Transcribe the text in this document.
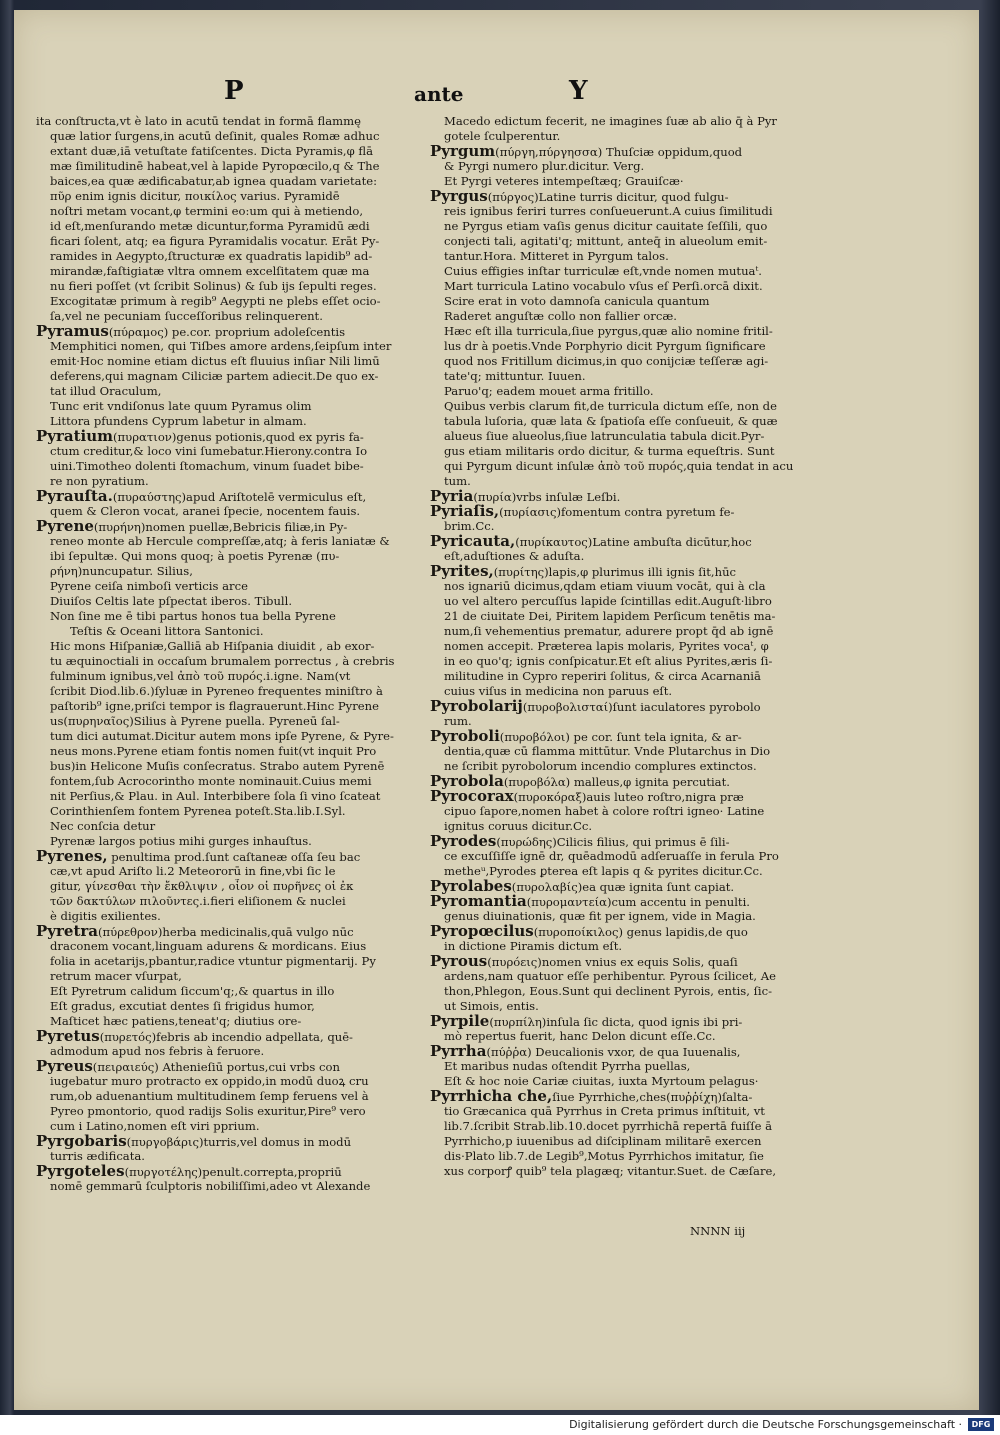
P	ante	Y
ita conſtructa,vt è lato in acutū tendat in formā flammę
quæ latior ſurgens,in acutū deſinit, quales Romæ adhuc
extant duæ,iā vetuſtate fatiſcentes. Dicta Pyramis,φ flā
mæ ſimilitudinē habeat,vel à lapide Pyropœcilo,q & The
baices,ea quæ ædificabatur,ab ignea quadam varietate:
πῦρ enim ignis dicitur, ποικίλος varius. Pyramidē
noſtri metam vocant,φ termini eo:um qui à metiendo,
id eſt,menſurando metæ dicuntur,forma Pyramidū ædi
ficari ſolent, atq; ea figura Pyramidalis vocatur. Erāt Py-
ramides in Aegypto,ſtructuræ ex quadratis lapidib⁹ ad-
mirandæ,faſtigiatæ vltra omnem excelſitatem quæ ma
nu fieri poſſet (vt ſcribit Solinus) & ſub ijs ſepulti reges.
Excogitatæ primum à regib⁹ Aegypti ne plebs eſſet ocio-
ſa,vel ne pecuniam ſucceſſoribus relinquerent.
Pyramus(πύραμος) pe.cor. proprium adoleſcentis
Memphitici nomen, qui Tiſbes amore ardens,ſeipſum inter
emit·Hoc nomine etiam dictus eſt fluuius inſiar Nili limū
deferens,qui magnam Ciliciæ partem adiecit.De quo ex-
tat illud Oraculum,
Tunc erit vndiſonus late quum Pyramus olim
Littora pfundens Cyprum labetur in almam.
Pyratium(πυρατιον)genus potionis,quod ex pyris fa-
ctum creditur,& loco vini ſumebatur.Hierony.contra Io
uini.Timotheo dolenti ſtomachum, vinum ſuadet bibe-
re non pyratium.
Pyrauſta.(πυραύστης)apud Ariſtotelē vermiculus eſt,
quem & Cleron vocat, aranei ſpecie, nocentem fauis.
Pyrene(πυρήνη)nomen puellæ,Bebricis filiæ,in Py-
reneo monte ab Hercule compreſſæ,atq; à feris laniatæ &
ibi ſepultæ. Qui mons quoq; à poetis Pyrenæ (πυ-
ρήνη)nuncupatur. Silius,
Pyrene ceiſa nimboſi verticis arce
Diuiſos Celtis late pſpectat iberos. Tibull.
Non ſine me ē tibi partus honos tua bella Pyrene
Teſtis & Oceani littora Santonici.
Hic mons Hiſpaniæ,Galliā ab Hiſpania diuidit , ab exor-
tu æquinoctiali in occaſum brumalem porrectus , à crebris
fulminum ignibus,vel ἀπὸ τοῦ πυρός.i.igne. Nam(vt
ſcribit Diod.lib.6.)ſyluæ in Pyreneo frequentes miniſtro à
paſtorib⁹ igne,priſci tempor is flagrauerunt.Hinc Pyrene
us(πυρηναῖος)Silius à Pyrene puella. Pyreneū ſal-
tum dici autumat.Dicitur autem mons ipſe Pyrene, & Pyre-
neus mons.Pyrene etiam fontis nomen fuit(vt inquit Pro
bus)in Helicone Muſis conſecratus. Strabo autem Pyrenē
fontem,ſub Acrocorintho monte nominauit.Cuius memi
nit Perſius,& Plau. in Aul. Interbibere ſola ſi vino ſcateat
Corinthienſem fontem Pyrenea poteſt.Sta.lib.I.Syl.
Nec conſcia detur
Pyrenæ largos potius mihi gurges inhauſtus.
Pyrenes, penultima prod.ſunt caſtaneæ oſſa ſeu bac
cæ,vt apud Ariſto li.2 Meteororū in fine,vbi ſic le
gitur, γίνεσθαι τὴν ἔκθλιψιν , οἷον οἱ πυρῆνες οἱ ἐκ
τῶν δακτύλων πιλοῦντες.i.fieri eliſionem & nuclei
è digitis exilientes.
Pyretra(πύρεθρον)herba medicinalis,quā vulgo nūc
draconem vocant,linguam adurens & mordicans. Eius
folia in acetarijs,pbantur,radice vtuntur pigmentarij. Py
retrum macer vſurpat,
Eſt Pyretrum calidum ſiccum'q;,& quartus in illo
Eſt gradus, excutiat dentes ſi frigidus humor,
Maſticet hæc patiens,teneat'q; diutius ore-
Pyretus(πυρετός)febris ab incendio adpellata, quē-
admodum apud nos febris à feruore.
Pyreus(πειραιεύς) Athenieſiū portus,cui vrbs con
iugebatur muro protracto ex oppido,in modū duoꝝ cru
rum,ob aduenantium multitudinem ſemp feruens vel à
Pyreo pmontorio, quod radijs Solis exuritur,Pire⁹ vero
cum i Latino,nomen eſt viri pprium.
Pyrgobaris(πυργοβάρις)turris,vel domus in modū
turris ædificata.
Pyrgoteles(πυργοτέλης)penult.correpta,propriū
nomē gemmarū ſculptoris nobiliſſimi,adeo vt Alexande
Macedo edictum fecerit, ne imagines ſuæ ab alio q̄ à Pyr
gotele ſculperentur.
Pyrgum(πύργη,πύργησσα) Thuſciæ oppidum,quod
& Pyrgi numero plur.dicitur. Verg.
Et Pyrgi veteres intempeſtæq; Grauiſcæ·
Pyrgus(πύργος)Latine turris dicitur, quod fulgu-
reis ignibus feriri turres conſueuerunt.A cuius ſimilitudi
ne Pyrgus etiam vaſis genus dicitur cauitate ſeſſili, quo
conjecti tali, agitati'q; mittunt, anteq̄ in alueolum emit-
tantur.Hora. Mitteret in Pyrgum talos.
Cuius effigies inſtar turriculæ eſt,vnde nomen mutuaᵗ.
Mart turricula Latino vocabulo vſus eſ Perſi.orcā dixit.
Scire erat in voto damnoſa canicula quantum
Raderet anguſtæ collo non fallier orcæ.
Hæc eſt illa turricula,ſiue pyrgus,quæ alio nomine fritil-
lus dr à poetis.Vnde Porphyrio dicit Pyrgum ſignificare
quod nos Fritillum dicimus,in quo conijciæ teſſeræ agi-
tate'q; mittuntur. Iuuen.
Paruo'q; eadem mouet arma fritillo.
Quibus verbis clarum fit,de turricula dictum eſſe, non de
tabula luſoria, quæ lata & ſpatioſa eſſe conſueuit, & quæ
alueus ſiue alueolus,ſiue latrunculatia tabula dicit.Pyr-
gus etiam militaris ordo dicitur, & turma equeſtris. Sunt
qui Pyrgum dicunt inſulæ ἀπὸ τοῦ πυρός,quia tendat in acu
tum.
Pyria(πυρία)vrbs inſulæ Leſbi.
Pyriaſis,(πυρίασις)fomentum contra pyretum fe-
brim.Cc.
Pyricauta,(πυρίκαυτος)Latine ambuſta dicūtur,hoc
eſt,aduſtiones & aduſta.
Pyrites,(πυρίτης)lapis,φ plurimus illi ignis ſit,hūc
nos ignariū dicimus,qdam etiam viuum vocāt, qui à cla
uo vel altero percuſſus lapide ſcintillas edit.Auguſt·libro
21 de ciuitate Dei, Piritem lapidem Perſicum tenētis ma-
num,ſi vehementius prematur, adurere propt q̄d ab ignē
nomen accepit. Præterea lapis molaris, Pyrites vocaᵗ, φ
in eo quo'q; ignis conſpicatur.Et eſt alius Pyrites,æris ſi-
militudine in Cypro reperiri ſolitus, & circa Acarnaniā
cuius viſus in medicina non paruus eſt.
Pyrobolarij(πυροβολισταί)ſunt iaculatores pyrobolo
rum.
Pyroboli(πυροβόλοι) pe cor. ſunt tela ignita, & ar-
dentia,quæ cū flamma mittūtur. Vnde Plutarchus in Dio
ne ſcribit pyrobolorum incendio complures extinctos.
Pyrobola(πυροβόλα) malleus,φ ignita percutiat.
Pyrocorax(πυροκόραξ)auis luteo roſtro,nigra præ
cipuo ſapore,nomen habet à colore roſtri igneo· Latine
ignitus coruus dicitur.Cc.
Pyrodes(πυρώδης)Cilicis filius, qui primus ē ſili-
ce excuſſiſſe ignē dr, quēadmodū adſeruaſſe in ferula Pro
metheᵘ,Pyrodes ꝑterea eſt lapis q & pyrites dicitur.Cc.
Pyrolabes(πυρολαβίς)ea quæ ignita ſunt capiat.
Pyromantia(πυρομαντεία)cum accentu in penulti.
genus diuinationis, quæ fit per ignem, vide in Magia.
Pyropœcilus(πυροποίκιλος) genus lapidis,de quo
in dictione Piramis dictum eſt.
Pyrous(πυρόεις)nomen vnius ex equis Solis, quaſi
ardens,nam quatuor eſſe perhibentur. Pyrous ſcilicet, Ae
thon,Phlegon, Eous.Sunt qui declinent Pyrois, entis, ſic-
ut Simois, entis.
Pyrpile(πυρπίλη)inſula ſic dicta, quod ignis ibi pri-
mò repertus fuerit, hanc Delon dicunt eſſe.Cc.
Pyrrha(πύῤῥα) Deucalionis vxor, de qua Iuuenalis,
Et maribus nudas oſtendit Pyrrha puellas,
Eſt & hoc noie Cariæ ciuitas, iuxta Myrtoum pelagus·
Pyrrhicha che,ſiue Pyrrhiche,ches(πυῤῥίχη)ſalta-
tio Græcanica quā Pyrrhus in Creta primus inſtituit, vt
lib.7.ſcribit Strab.lib.10.docet pyrrhichā repertā fuiſſe ā
Pyrrhicho,p iuuenibus ad diſciplinam militarē exercen
dis·Plato lib.7.de Legib⁹,Motus Pyrrhichos imitatur, ſie
xus corporꝭ quib⁹ tela plagæq; vitantur.Suet. de Cæſare,
NNNN iij
Digitalisierung gefördert durch die Deutsche Forschungsgemeinschaft ·	DFG
